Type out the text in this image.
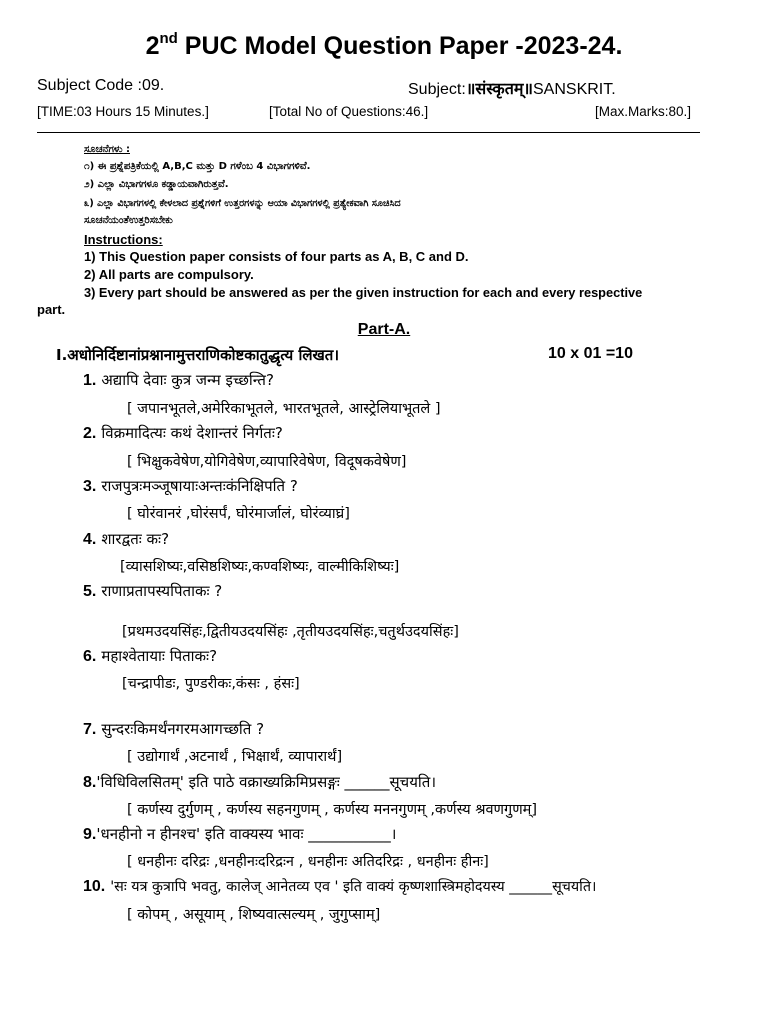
2nd PUC Model Question Paper -2023-24.
Subject Code :09.	Subject:॥संस्कृतम्॥SANSKRIT.
[TIME:03 Hours 15 Minutes.]	[Total No of Questions:46.]	[Max.Marks:80.]
ಸೂಚನೆಗಳು :
೧) ಈ ಪ್ರಶ್ನೆಪತ್ರಿಕೆಯಲ್ಲಿ A,B,C ಮತ್ತು D ಗಳೆಂಬ 4 ವಿಭಾಗಗಳಿವೆ.
೨) ಎಲ್ಲಾ ವಿಭಾಗಗಳೂ ಕಡ್ಡಾಯವಾಗಿರುತ್ತವೆ.
೩) ಎಲ್ಲಾ ವಿಭಾಗಗಳಲ್ಲಿ ಕೇಳಲಾದ ಪ್ರಶ್ನೆಗಳಿಗೆ ಉತ್ತರಗಳನ್ನು ಆಯಾ ವಿಭಾಗಗಳಲ್ಲಿ ಪ್ರತ್ಯೇಕವಾಗಿ ಸೂಚಿಸಿದ
ಸೂಚನೆಯಂತೆಉತ್ತರಿಸಬೇಕು
Instructions:
1) This Question paper consists of four parts as A, B, C and D.
2) All parts are compulsory.
3) Every part should be answered as per the given instruction for each and every respective
part.
Part-A.
I.अधोनिर्दिष्टानांप्रश्नानामुत्तराणिकोष्टकातुद्धृत्य लिखत।	10 x 01 =10
1. अद्यापि देवाः कुत्र जन्म इच्छन्ति?
[ जपानभूतले,अमेरिकाभूतले, भारतभूतले, आस्ट्रेलियाभूतले ]
2. विक्रमादित्यः कथं देशान्तरं निर्गतः?
[ भिक्षुकवेषेण,योगिवेषेण,व्यापारिवेषेण, विदूषकवेषेण]
3. राजपुत्रःमञ्जूषायाःअन्तःकंनिक्षिपति ?
[ घोरंवानरं ,घोरंसर्पं, घोरंमार्जालं, घोरंव्याघ्रं]
4. शारद्वतः कः?
[व्यासशिष्यः,वसिष्ठशिष्यः,कण्वशिष्यः, वाल्मीकिशिष्यः]
5. राणाप्रतापस्यपिताकः ?
[प्रथमउदयसिंहः,द्वितीयउदयसिंहः ,तृतीयउदयसिंहः,चतुर्थउदयसिंहः]
6. महाश्वेतायाः पिताकः?
[चन्द्रापीडः, पुण्डरीकः,कंसः , हंसः]
7. सुन्दरःकिमर्थंनगरमआगच्छति ?
[ उद्योगार्थं ,अटनार्थं , भिक्षार्थं, व्यापारार्थं]
8.'विधिविलसितम्' इति पाठे वक्राख्यक्रिमिप्रसङ्गः ______सूचयति।
[ कर्णस्य दुर्गुणम् , कर्णस्य सहनगुणम् , कर्णस्य मननगुणम् ,कर्णस्य श्रवणगुणम्]
9.'धनहीनो न हीनश्च' इति वाक्यस्य भावः ___________।
[ धनहीनः दरिद्रः ,धनहीनःदरिद्रःन , धनहीनः अतिदरिद्रः , धनहीनः हीनः]
10. 'सः यत्र कुत्रापि भवतु, कालेज् आनेतव्य एव ' इति वाक्यं कृष्णशास्त्रिमहोदयस्य ______सूचयति।
[ कोपम् , असूयाम् , शिष्यवात्सल्यम् , जुगुप्साम्]
